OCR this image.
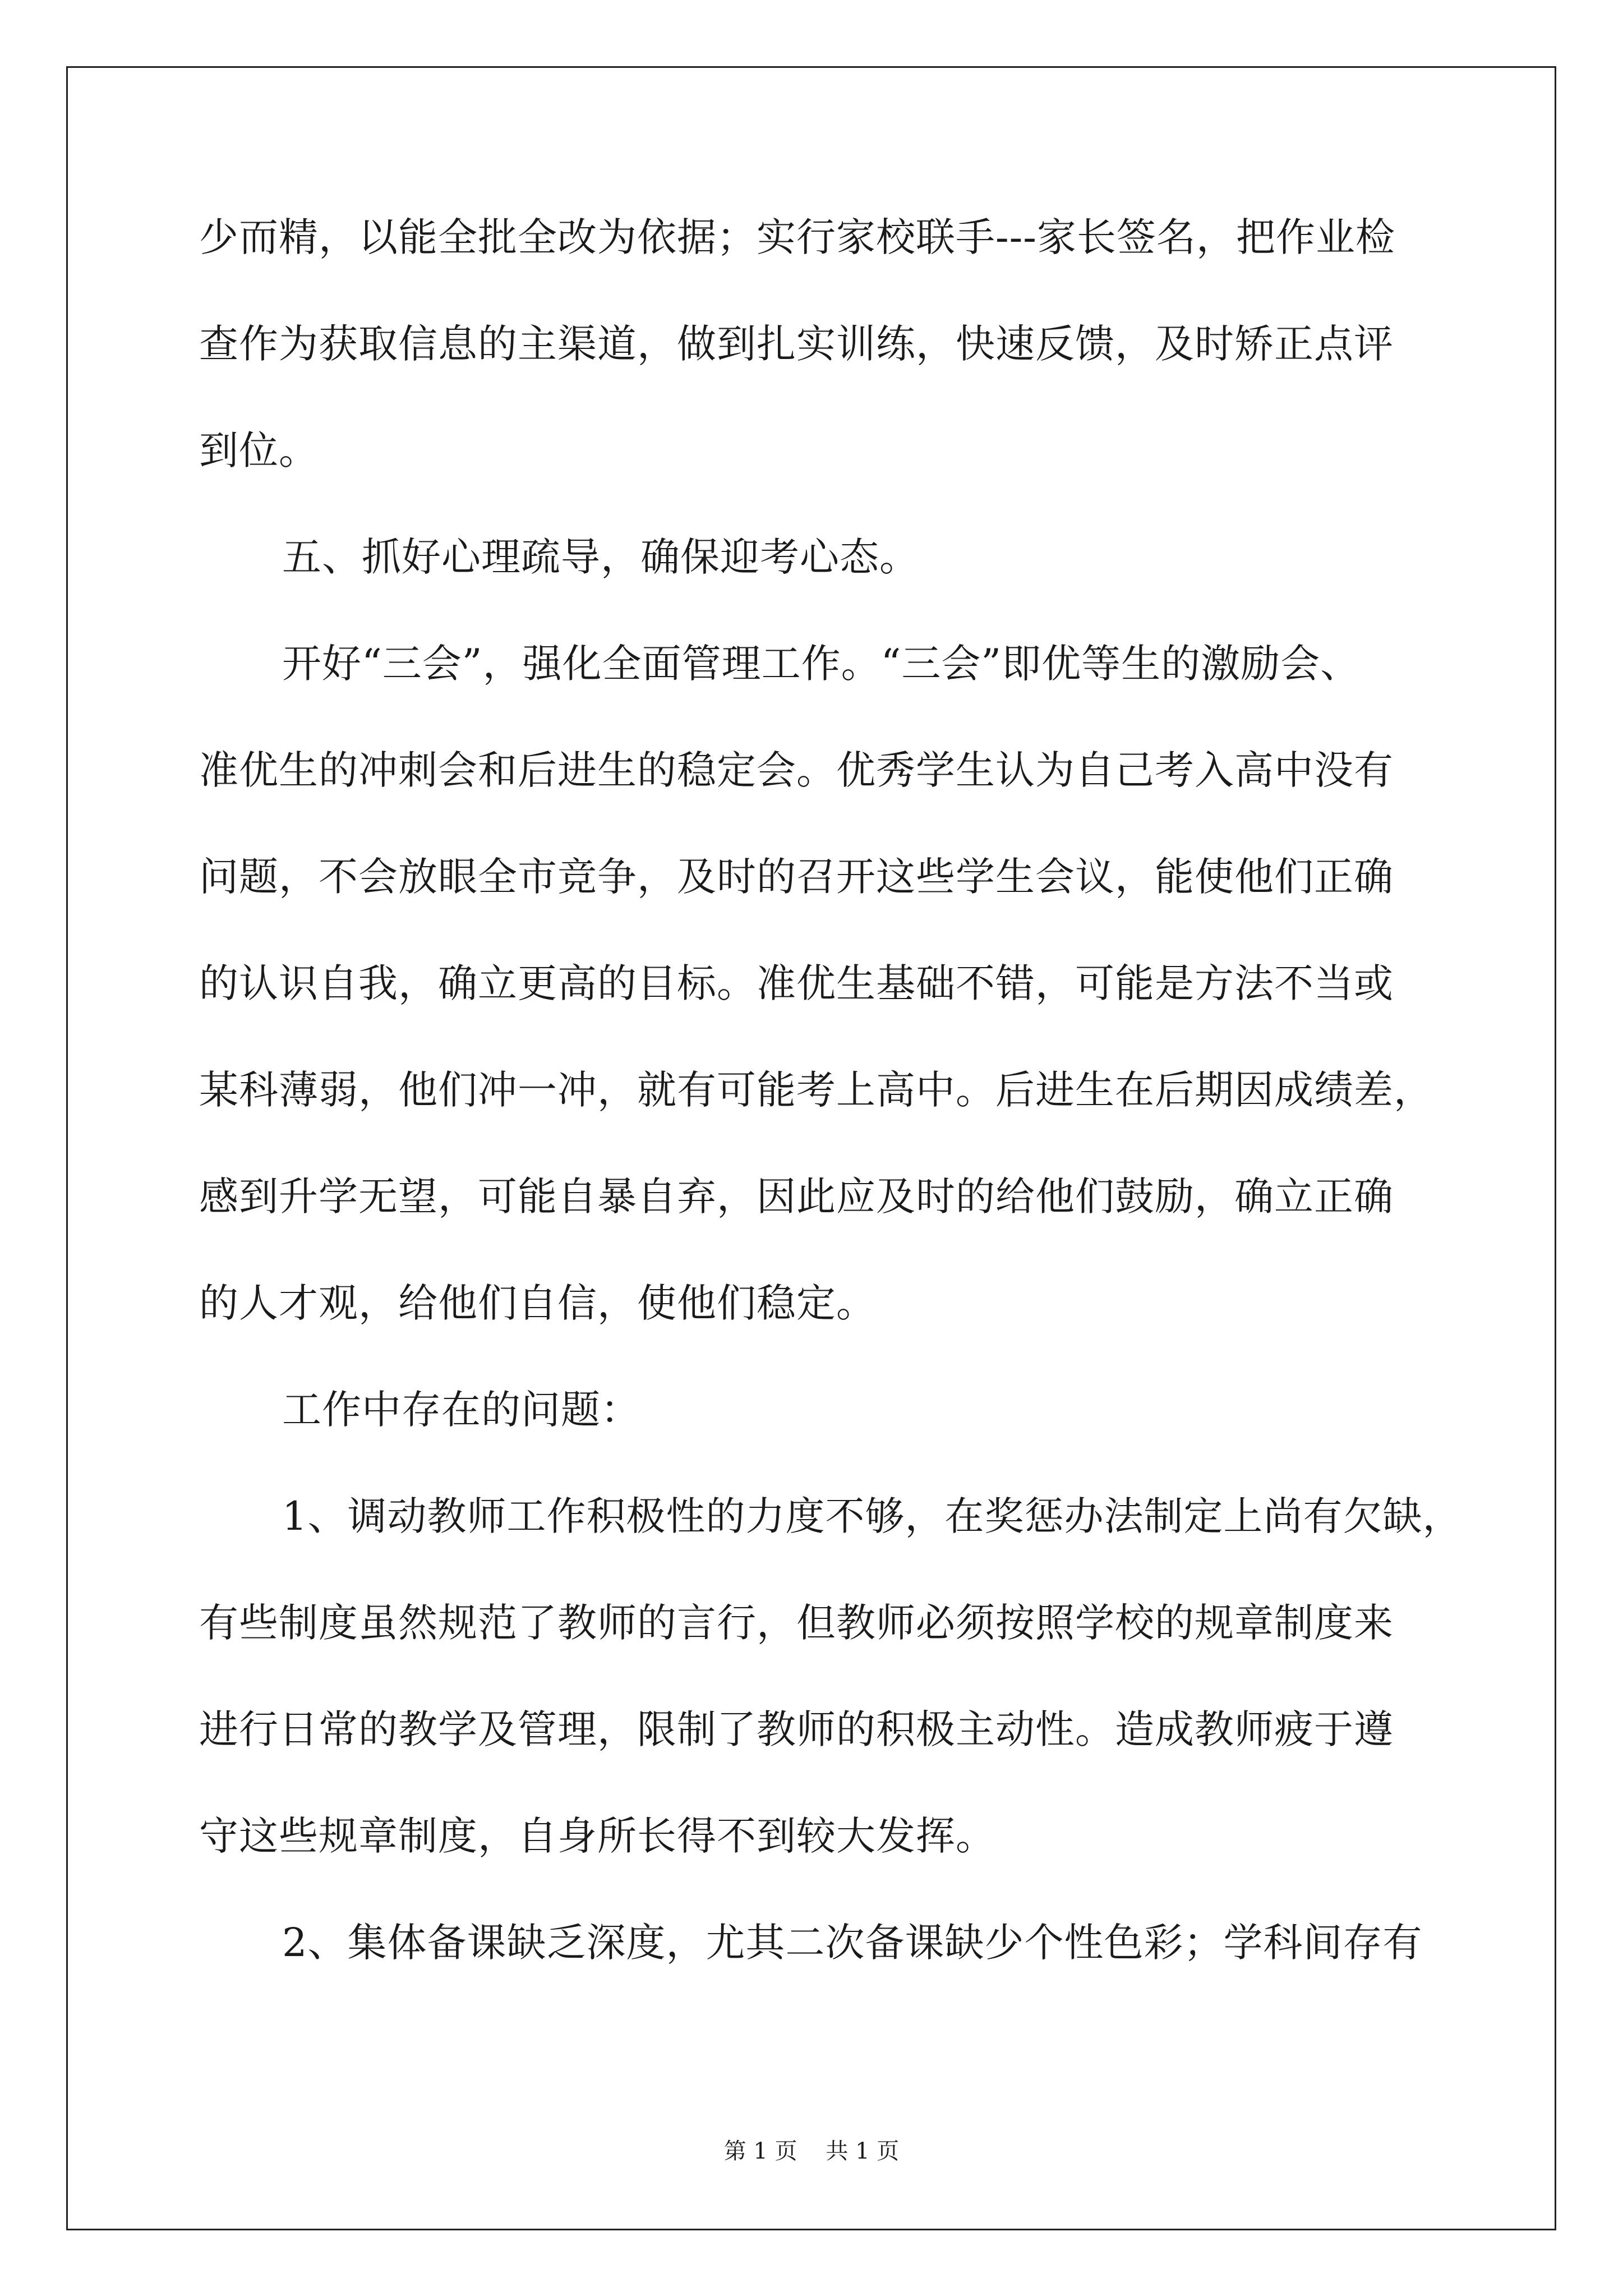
少而精，以能全批全改为依据；实行家校联手---家长签名，把作业检
查作为获取信息的主渠道，做到扎实训练，快速反馈，及时矫正点评
到位。
五、抓好心理疏导，确保迎考心态。
开好“三会”，强化全面管理工作。“三会”即优等生的激励会、
准优生的冲刺会和后进生的稳定会。优秀学生认为自己考入高中没有
问题，不会放眼全市竞争，及时的召开这些学生会议，能使他们正确
的认识自我，确立更高的目标。准优生基础不错，可能是方法不当或
某科薄弱，他们冲一冲，就有可能考上高中。后进生在后期因成绩差，
感到升学无望，可能自暴自弃，因此应及时的给他们鼓励，确立正确
的人才观，给他们自信，使他们稳定。
工作中存在的问题：
1、调动教师工作积极性的力度不够，在奖惩办法制定上尚有欠缺，
有些制度虽然规范了教师的言行，但教师必须按照学校的规章制度来
进行日常的教学及管理，限制了教师的积极主动性。造成教师疲于遵
守这些规章制度，自身所长得不到较大发挥。
2、集体备课缺乏深度，尤其二次备课缺少个性色彩；学科间存有
第 1 页    共 1 页
